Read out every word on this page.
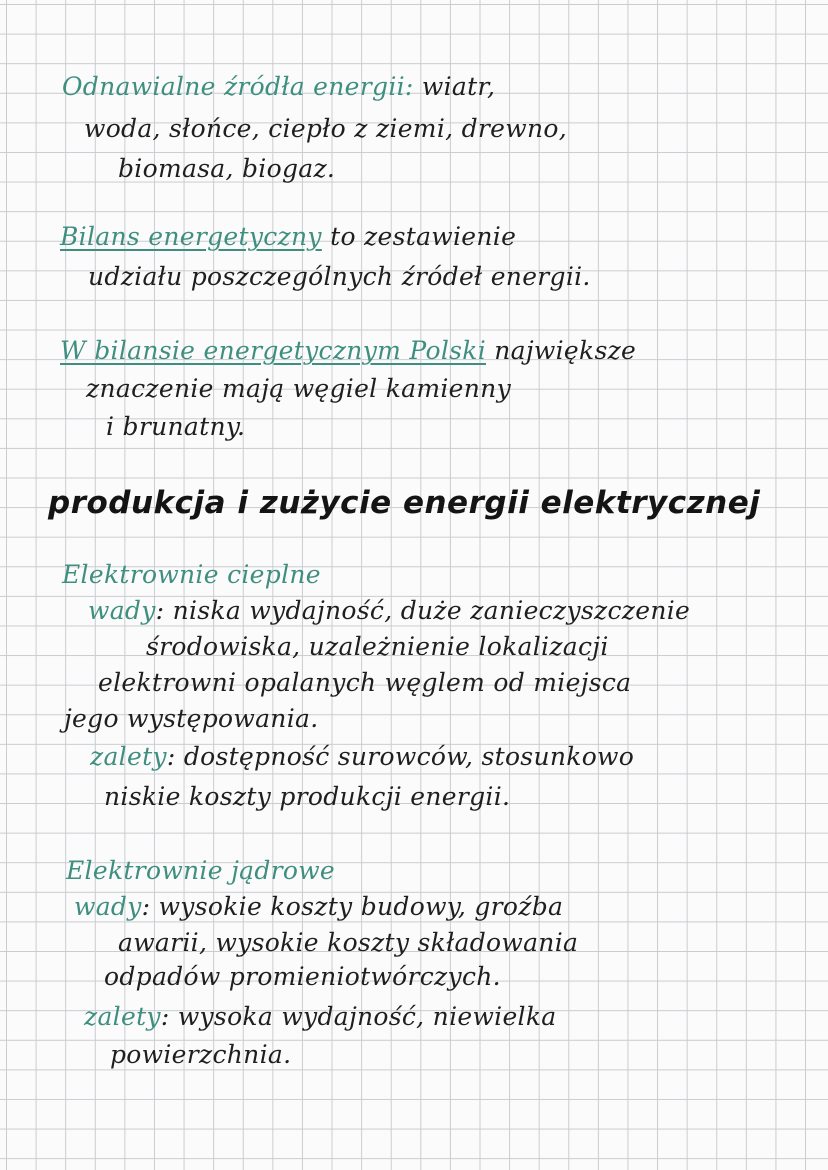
Odnawialne źródła energii: wiatr,
woda, słońce, ciepło z ziemi, drewno,
biomasa, biogaz.
Bilans energetyczny to zestawienie
udziału poszczególnych źródeł energii.
W bilansie energetycznym Polski największe
znaczenie mają węgiel kamienny
i brunatny.
produkcja i zużycie energii elektrycznej
Elektrownie cieplne
wady: niska wydajność, duże zanieczyszczenie
środowiska, uzależnienie lokalizacji
elektrowni opalanych węglem od miejsca
jego występowania.
zalety: dostępność surowców, stosunkowo
niskie koszty produkcji energii.
Elektrownie jądrowe
wady: wysokie koszty budowy, groźba
awarii, wysokie koszty składowania
odpadów promieniotwórczych.
zalety: wysoka wydajność, niewielka
powierzchnia.
